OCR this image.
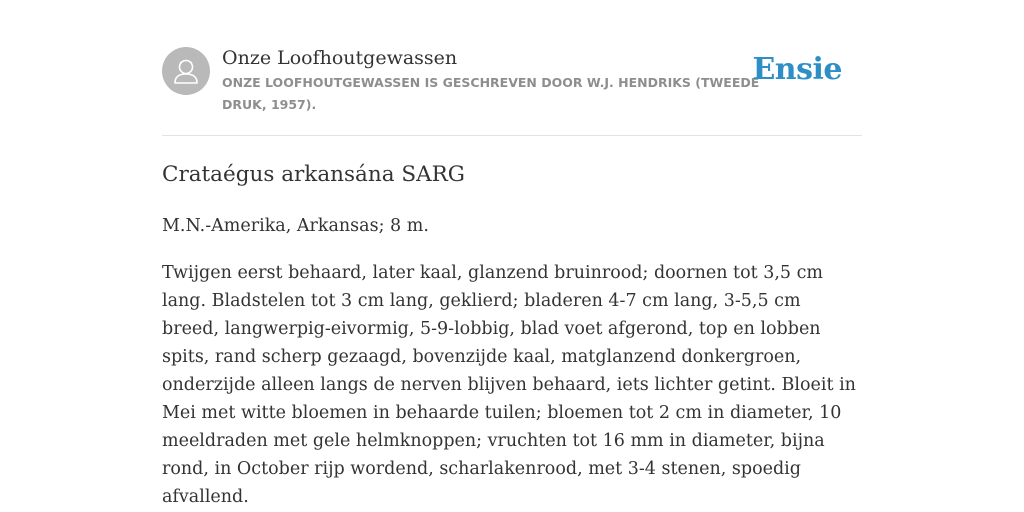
Onze Loofhoutgewassen
ONZE LOOFHOUTGEWASSEN IS GESCHREVEN DOOR W.J. HENDRIKS (TWEEDE DRUK, 1957).
Ensie
Crataégus arkansána SARG

M.N.-Amerika, Arkansas; 8 m.

Twijgen eerst behaard, later kaal, glanzend bruinrood; doornen tot 3,5 cm lang. Bladstelen tot 3 cm lang, geklierd; bladeren 4-7 cm lang, 3-5,5 cm breed, langwerpig-eivormig, 5-9-lobbig, blad voet afgerond, top en lobben spits, rand scherp gezaagd, bovenzijde kaal, matglanzend donkergroen, onderzijde alleen langs de nerven blijven behaard, iets lichter getint. Bloeit in Mei met witte bloemen in behaarde tuilen; bloemen tot 2 cm in diameter, 10 meeldraden met gele helmknoppen; vruchten tot 16 mm in diameter, bijna rond, in October rijp wordend, scharlakenrood, met 3-4 stenen, spoedig afvallend.
